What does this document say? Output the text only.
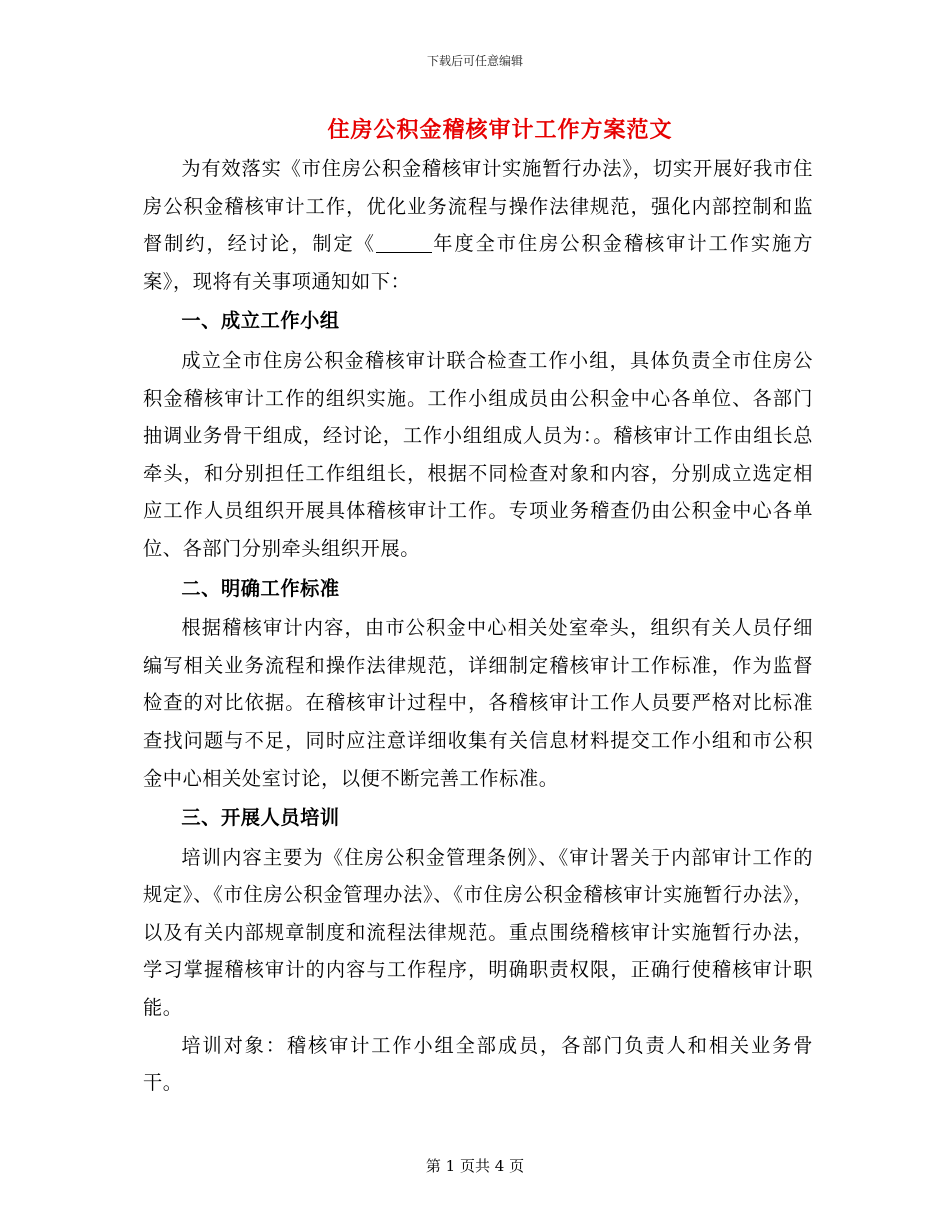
下载后可任意编辑
住房公积金稽核审计工作方案范文

为有效落实《市住房公积金稽核审计实施暂行办法》，切实开展好我市住房公积金稽核审计工作，优化业务流程与操作法律规范，强化内部控制和监督制约，经讨论，制定《	年度全市住房公积金稽核审计工作实施方案》，现将有关事项通知如下：

一、成立工作小组

成立全市住房公积金稽核审计联合检查工作小组，具体负责全市住房公积金稽核审计工作的组织实施。工作小组成员由公积金中心各单位、各部门抽调业务骨干组成，经讨论，工作小组组成人员为：。稽核审计工作由组长总牵头，和分别担任工作组组长，根据不同检查对象和内容，分别成立选定相应工作人员组织开展具体稽核审计工作。专项业务稽查仍由公积金中心各单位、各部门分别牵头组织开展。

二、明确工作标准

根据稽核审计内容，由市公积金中心相关处室牵头，组织有关人员仔细编写相关业务流程和操作法律规范，详细制定稽核审计工作标准，作为监督检查的对比依据。在稽核审计过程中，各稽核审计工作人员要严格对比标准查找问题与不足，同时应注意详细收集有关信息材料提交工作小组和市公积金中心相关处室讨论，以便不断完善工作标准。

三、开展人员培训

培训内容主要为《住房公积金管理条例》、《审计署关于内部审计工作的规定》、《市住房公积金管理办法》、《市住房公积金稽核审计实施暂行办法》，以及有关内部规章制度和流程法律规范。重点围绕稽核审计实施暂行办法，学习掌握稽核审计的内容与工作程序，明确职责权限，正确行使稽核审计职能。

培训对象：稽核审计工作小组全部成员，各部门负责人和相关业务骨干。

第 1 页共 4 页
